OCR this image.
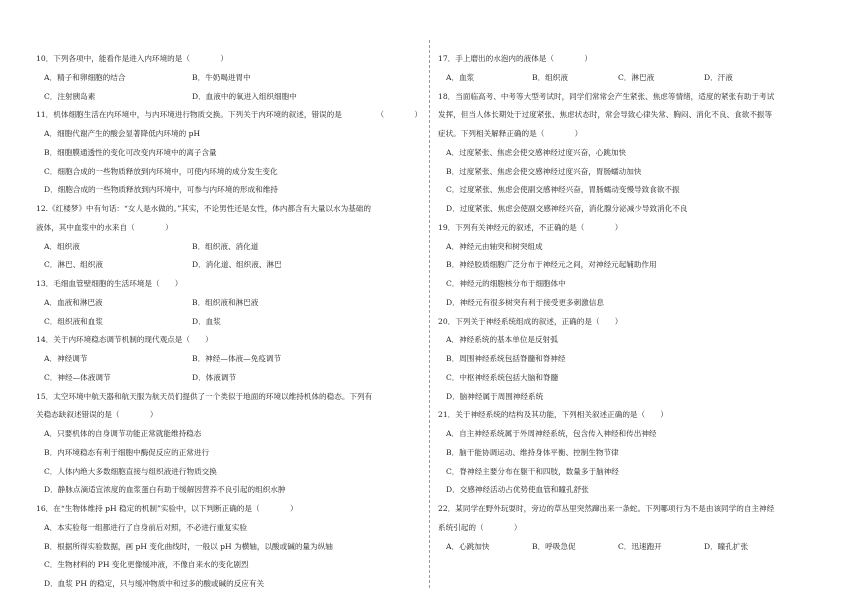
10．下列各项中，能看作是进入内环境的是（　　　　）
A．精子和卵细胞的结合	B．牛奶喝进胃中
C．注射胰岛素	D．血液中的氧进入组织细胞中
11．机体细胞生活在内环境中，与内环境进行物质交换。下列关于内环境的叙述，错误的是	（　　　　）
A．细胞代谢产生的酸会显著降低内环境的 pH
B．细胞膜通透性的变化可改变内环境中的离子含量
C．细胞合成的一些物质释放到内环境中，可使内环境的成分发生变化
D．细胞合成的一些物质释放到内环境中，可参与内环境的形成和维持
12.《红楼梦》中有句话：“女人是水做的。”其实，不论男性还是女性，体内都含有大量以水为基础的
液体，其中血浆中的水来自（　　　　）
A．组织液	B．组织液、消化道
C．淋巴、组织液	D．消化道、组织液、淋巴
13．毛细血管壁细胞的生活环境是（　　）
A．血液和淋巴液	B．组织液和淋巴液
C．组织液和血浆	D．血浆
14．关于内环境稳态调节机制的现代观点是（　　）
A．神经调节	B．神经—体液—免疫调节
C．神经—体液调节	D．体液调节
15．太空环境中航天器和航天服为航天员们提供了一个类似于地面的环境以维持机体的稳态。下列有
关稳态缺叙述错误的是（　　　　）
A．只要机体的自身调节功能正常就能维持稳态
B．内环境稳态有利于细胞中酶促反应的正常进行
C．人体内绝大多数细胞直接与组织液进行物质交换
D．静脉点滴适宜浓度的血浆蛋白有助于缓解因营养不良引起的组织水肿
16．在“生物体维持 pH 稳定的机制”实验中，以下判断正确的是（　　　　）
A．本实验每一组都进行了自身前后对照，不必进行重复实验
B．根据所得实验数据，画 pH 变化曲线时，一般以 pH 为横轴，以酸或碱的量为纵轴
C．生物材料的 PH 变化更像缓冲液，不像自来水的变化剧烈
D．血浆 PH 的稳定，只与缓冲物质中和过多的酸或碱的反应有关
17．手上磨出的水泡内的液体是（　　　　）
A．血浆	B．组织液	C．淋巴液	D．汗液
18．当面临高考、中考等大型考试时，同学们常常会产生紧张、焦虑等情绪，适度的紧张有助于考试
发挥，但当人体长期处于过度紧张、焦虑状态时，常会导致心律失常、胸闷、消化不良、食欲不振等
症状。下列相关解释正确的是（　　　　）
A．过度紧张、焦虑会使交感神经过度兴奋，心跳加快
B．过度紧张、焦虑会使交感神经过度兴奋，胃肠蠕动加快
C．过度紧张、焦虑会使副交感神经兴奋，胃肠蠕动变慢导致食欲不振
D．过度紧张、焦虑会使副交感神经兴奋，消化腺分泌减少导致消化不良
19．下列有关神经元的叙述，不正确的是（　　　　）
A．神经元由轴突和树突组成
B．神经胶质细胞广泛分布于神经元之间，对神经元起辅助作用
C．神经元的细胞核分布于细胞体中
D．神经元有很多树突有利于接受更多刺激信息
20．下列关于神经系统组成的叙述，正确的是（　　）
A．神经系统的基本单位是反射弧
B．周围神经系统包括脊髓和脊神经
C．中枢神经系统包括大脑和脊髓
D．脑神经属于周围神经系统
21．关于神经系统的结构及其功能，下列相关叙述正确的是（　　）
A．自主神经系统属于外周神经系统，包含传入神经和传出神经
B．脑干能协调运动、维持身体平衡、控制生物节律
C．脊神经主要分布在躯干和四肢，数量多于脑神经
D．交感神经活动占优势使血管和瞳孔舒张
22．某同学在野外玩耍时，旁边的草丛里突然蹿出来一条蛇。下列哪项行为不是由该同学的自主神经
系统引起的（　　　　）
A．心跳加快	B．呼吸急促	C．迅速跑开	D．瞳孔扩张
